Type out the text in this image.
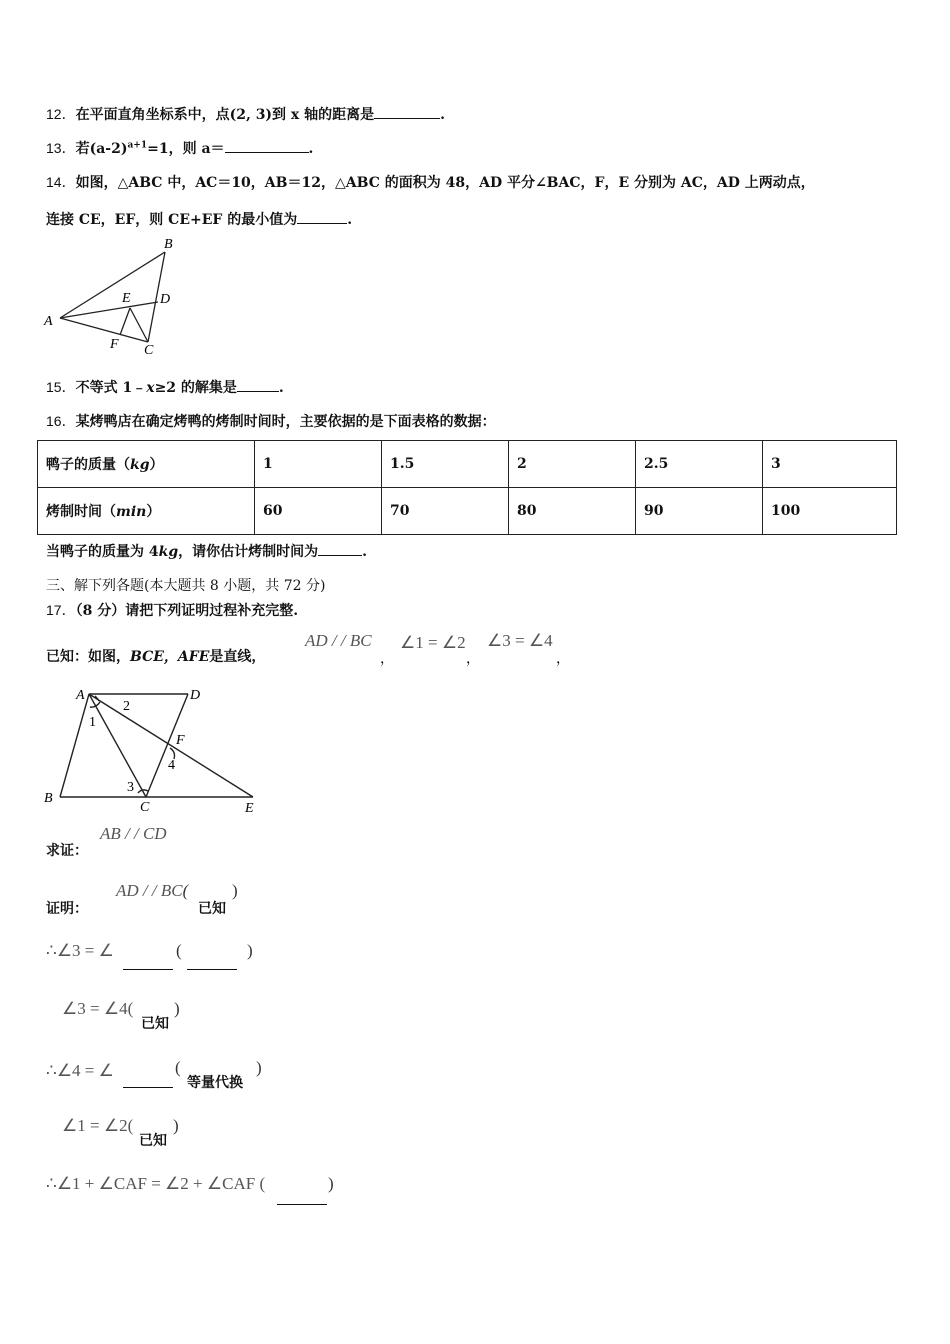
12．在平面直角坐标系中，点(2, 3)到 x 轴的距离是	.
13．若$(a-2)^{a+1}=1$，则 a＝	.
14．如图，△ABC 中，AC＝10，AB＝12，△ABC 的面积为 48，AD 平分∠BAC，F，E 分别为 AC，AD 上两动点，
连接 CE，EF，则 CE+EF 的最小值为	.
A
B
C
D
E
F
15．不等式 1﹣x≥2 的解集是	.
16．某烤鸭店在确定烤鸭的烤制时间时，主要依据的是下面表格的数据：
鸭子的质量（kg）	1	1.5	2	2.5	3
烤制时间（min）	60	70	80	90	100
当鸭子的质量为 4kg，请你估计烤制时间为	.
三、解下列各题(本大题共 8 小题，共 72 分)
17．（8 分）请把下列证明过程补充完整.
已知：如图，BCE，AFE是直线，
AD / / BC
，
∠1 = ∠2
，
∠3 = ∠4
，
A	D
B
C	E
F
1
2
3
4
求证：
AB / / CD
证明：
AD / / BC(
已知
)
∴∠3 = ∠	(	)
∠3 = ∠4(
已知
)
∴∠4 = ∠	(
等量代换
)
∠1 = ∠2(
已知
)
∴∠1 + ∠CAF = ∠2 + ∠CAF (	)
